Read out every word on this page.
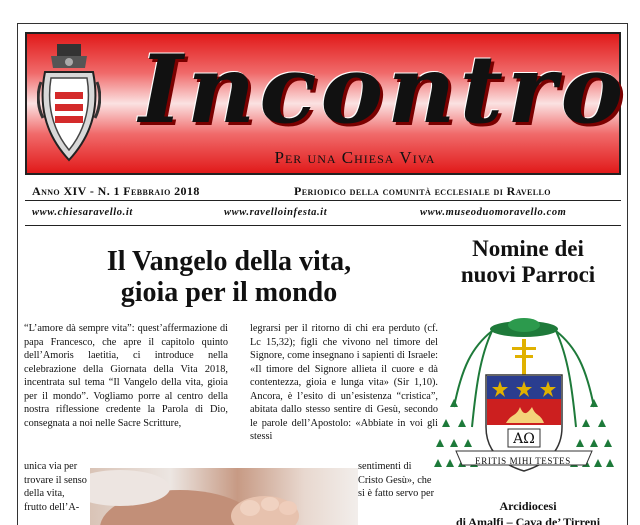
Incontro
Per una Chiesa Viva
Anno XIV - N. 1 Febbraio 2018	Periodico della comunità ecclesiale di Ravello
www.chiesaravello.it	www.ravelloinfesta.it	www.museoduomoravello.com
Il Vangelo della vita,
gioia per il mondo
“L’amore dà sempre vita”: quest’affermazione di papa Francesco, che apre il capitolo quinto dell’Amoris laetitia, ci introduce nella celebrazione della Giornata della Vita 2018, incentrata sul tema “Il Vangelo della vita, gioia per il mondo”. Vogliamo porre al centro della nostra riflessione credente la Parola di Dio, consegnata a noi nelle Sacre Scritture,
unica via per trovare il senso della vita, frutto dell’A-
legrarsi per il ritorno di chi era perduto (cf. Lc 15,32); figli che vivono nel timore del Signore, come insegnano i sapienti di Israele: «Il timore del Signore allieta il cuore e dà contentezza, gioia e lunga vita» (Sir 1,10). Ancora, è l’esito di un’esistenza “cristica”, abitata dallo stesso sentire di Gesù, secondo le parole dell’Apostolo: «Abbiate in voi gli stessi
sentimenti di Cristo Gesù», che si è fatto servo per
Nomine dei
nuovi Parroci
ΑΩ
ERITIS MIHI TESTES
Arcidiocesi
di Amalfi – Cava de’ Tirreni
